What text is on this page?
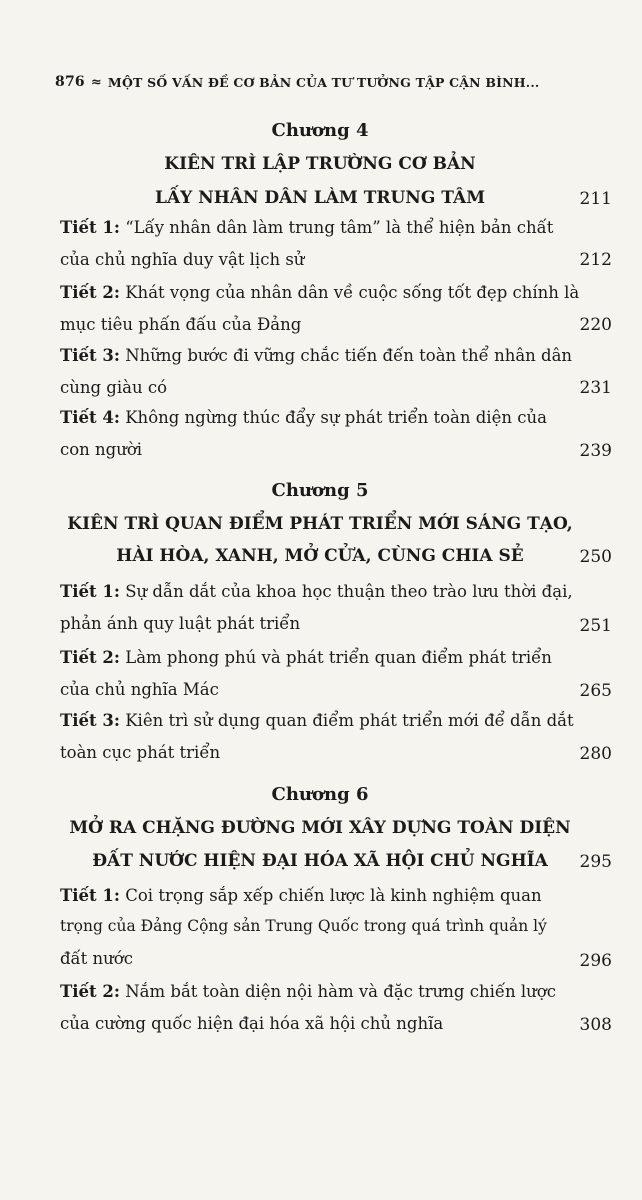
876 ≈ MỘT SỐ VẤN ĐỀ CƠ BẢN CỦA TƯ TƯỞNG TẬP CẬN BÌNH...
Chương 4
KIÊN TRÌ LẬP TRƯỜNG CƠ BẢN
LẤY NHÂN DÂN LÀM TRUNG TÂM	211
Tiết 1: “Lấy nhân dân làm trung tâm” là thể hiện bản chất
của chủ nghĩa duy vật lịch sử	212
Tiết 2: Khát vọng của nhân dân về cuộc sống tốt đẹp chính là
mục tiêu phấn đấu của Đảng	220
Tiết 3: Những bước đi vững chắc tiến đến toàn thể nhân dân
cùng giàu có	231
Tiết 4: Không ngừng thúc đẩy sự phát triển toàn diện của
con người	239
Chương 5
KIÊN TRÌ QUAN ĐIỂM PHÁT TRIỂN MỚI SÁNG TẠO,
HÀI HÒA, XANH, MỞ CỬA, CÙNG CHIA SẺ	250
Tiết 1: Sự dẫn dắt của khoa học thuận theo trào lưu thời đại,
phản ánh quy luật phát triển	251
Tiết 2: Làm phong phú và phát triển quan điểm phát triển
của chủ nghĩa Mác	265
Tiết 3: Kiên trì sử dụng quan điểm phát triển mới để dẫn dắt
toàn cục phát triển	280
Chương 6
MỞ RA CHẶNG ĐƯỜNG MỚI XÂY DỰNG TOÀN DIỆN
ĐẤT NƯỚC HIỆN ĐẠI HÓA XÃ HỘI CHỦ NGHĨA	295
Tiết 1: Coi trọng sắp xếp chiến lược là kinh nghiệm quan
trọng của Đảng Cộng sản Trung Quốc trong quá trình quản lý
đất nước	296
Tiết 2: Nắm bắt toàn diện nội hàm và đặc trưng chiến lược
của cường quốc hiện đại hóa xã hội chủ nghĩa	308
